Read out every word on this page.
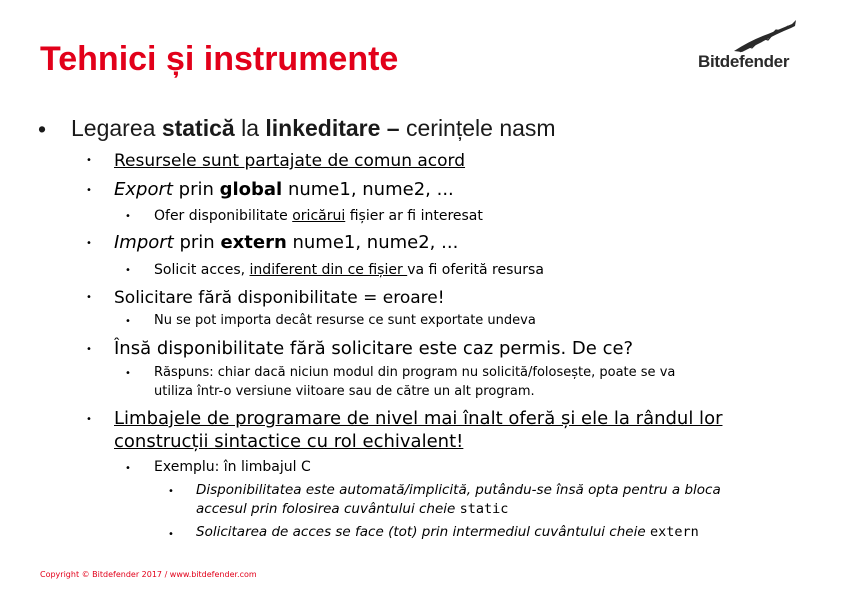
Tehnici și instrumente	Bitdefender
• Legarea statică la linkeditare – cerințele nasm
• Resursele sunt partajate de comun acord
• Export prin global nume1, nume2, ...
• Ofer disponibilitate oricărui fișier ar fi interesat
• Import prin extern nume1, nume2, ...
• Solicit acces, indiferent din ce fișier va fi oferită resursa
• Solicitare fără disponibilitate = eroare!
• Nu se pot importa decât resurse ce sunt exportate undeva
• Însă disponibilitate fără solicitare este caz permis. De ce?
• Răspuns: chiar dacă niciun modul din program nu solicită/folosește, poate se va
utiliza într-o versiune viitoare sau de către un alt program.
• Limbajele de programare de nivel mai înalt oferă și ele la rândul lor
construcții sintactice cu rol echivalent!
• Exemplu: în limbajul C
• Disponibilitatea este automată/implicită, putându-se însă opta pentru a bloca
accesul prin folosirea cuvântului cheie static
• Solicitarea de acces se face (tot) prin intermediul cuvântului cheie extern
Copyright © Bitdefender 2017 / www.bitdefender.com
